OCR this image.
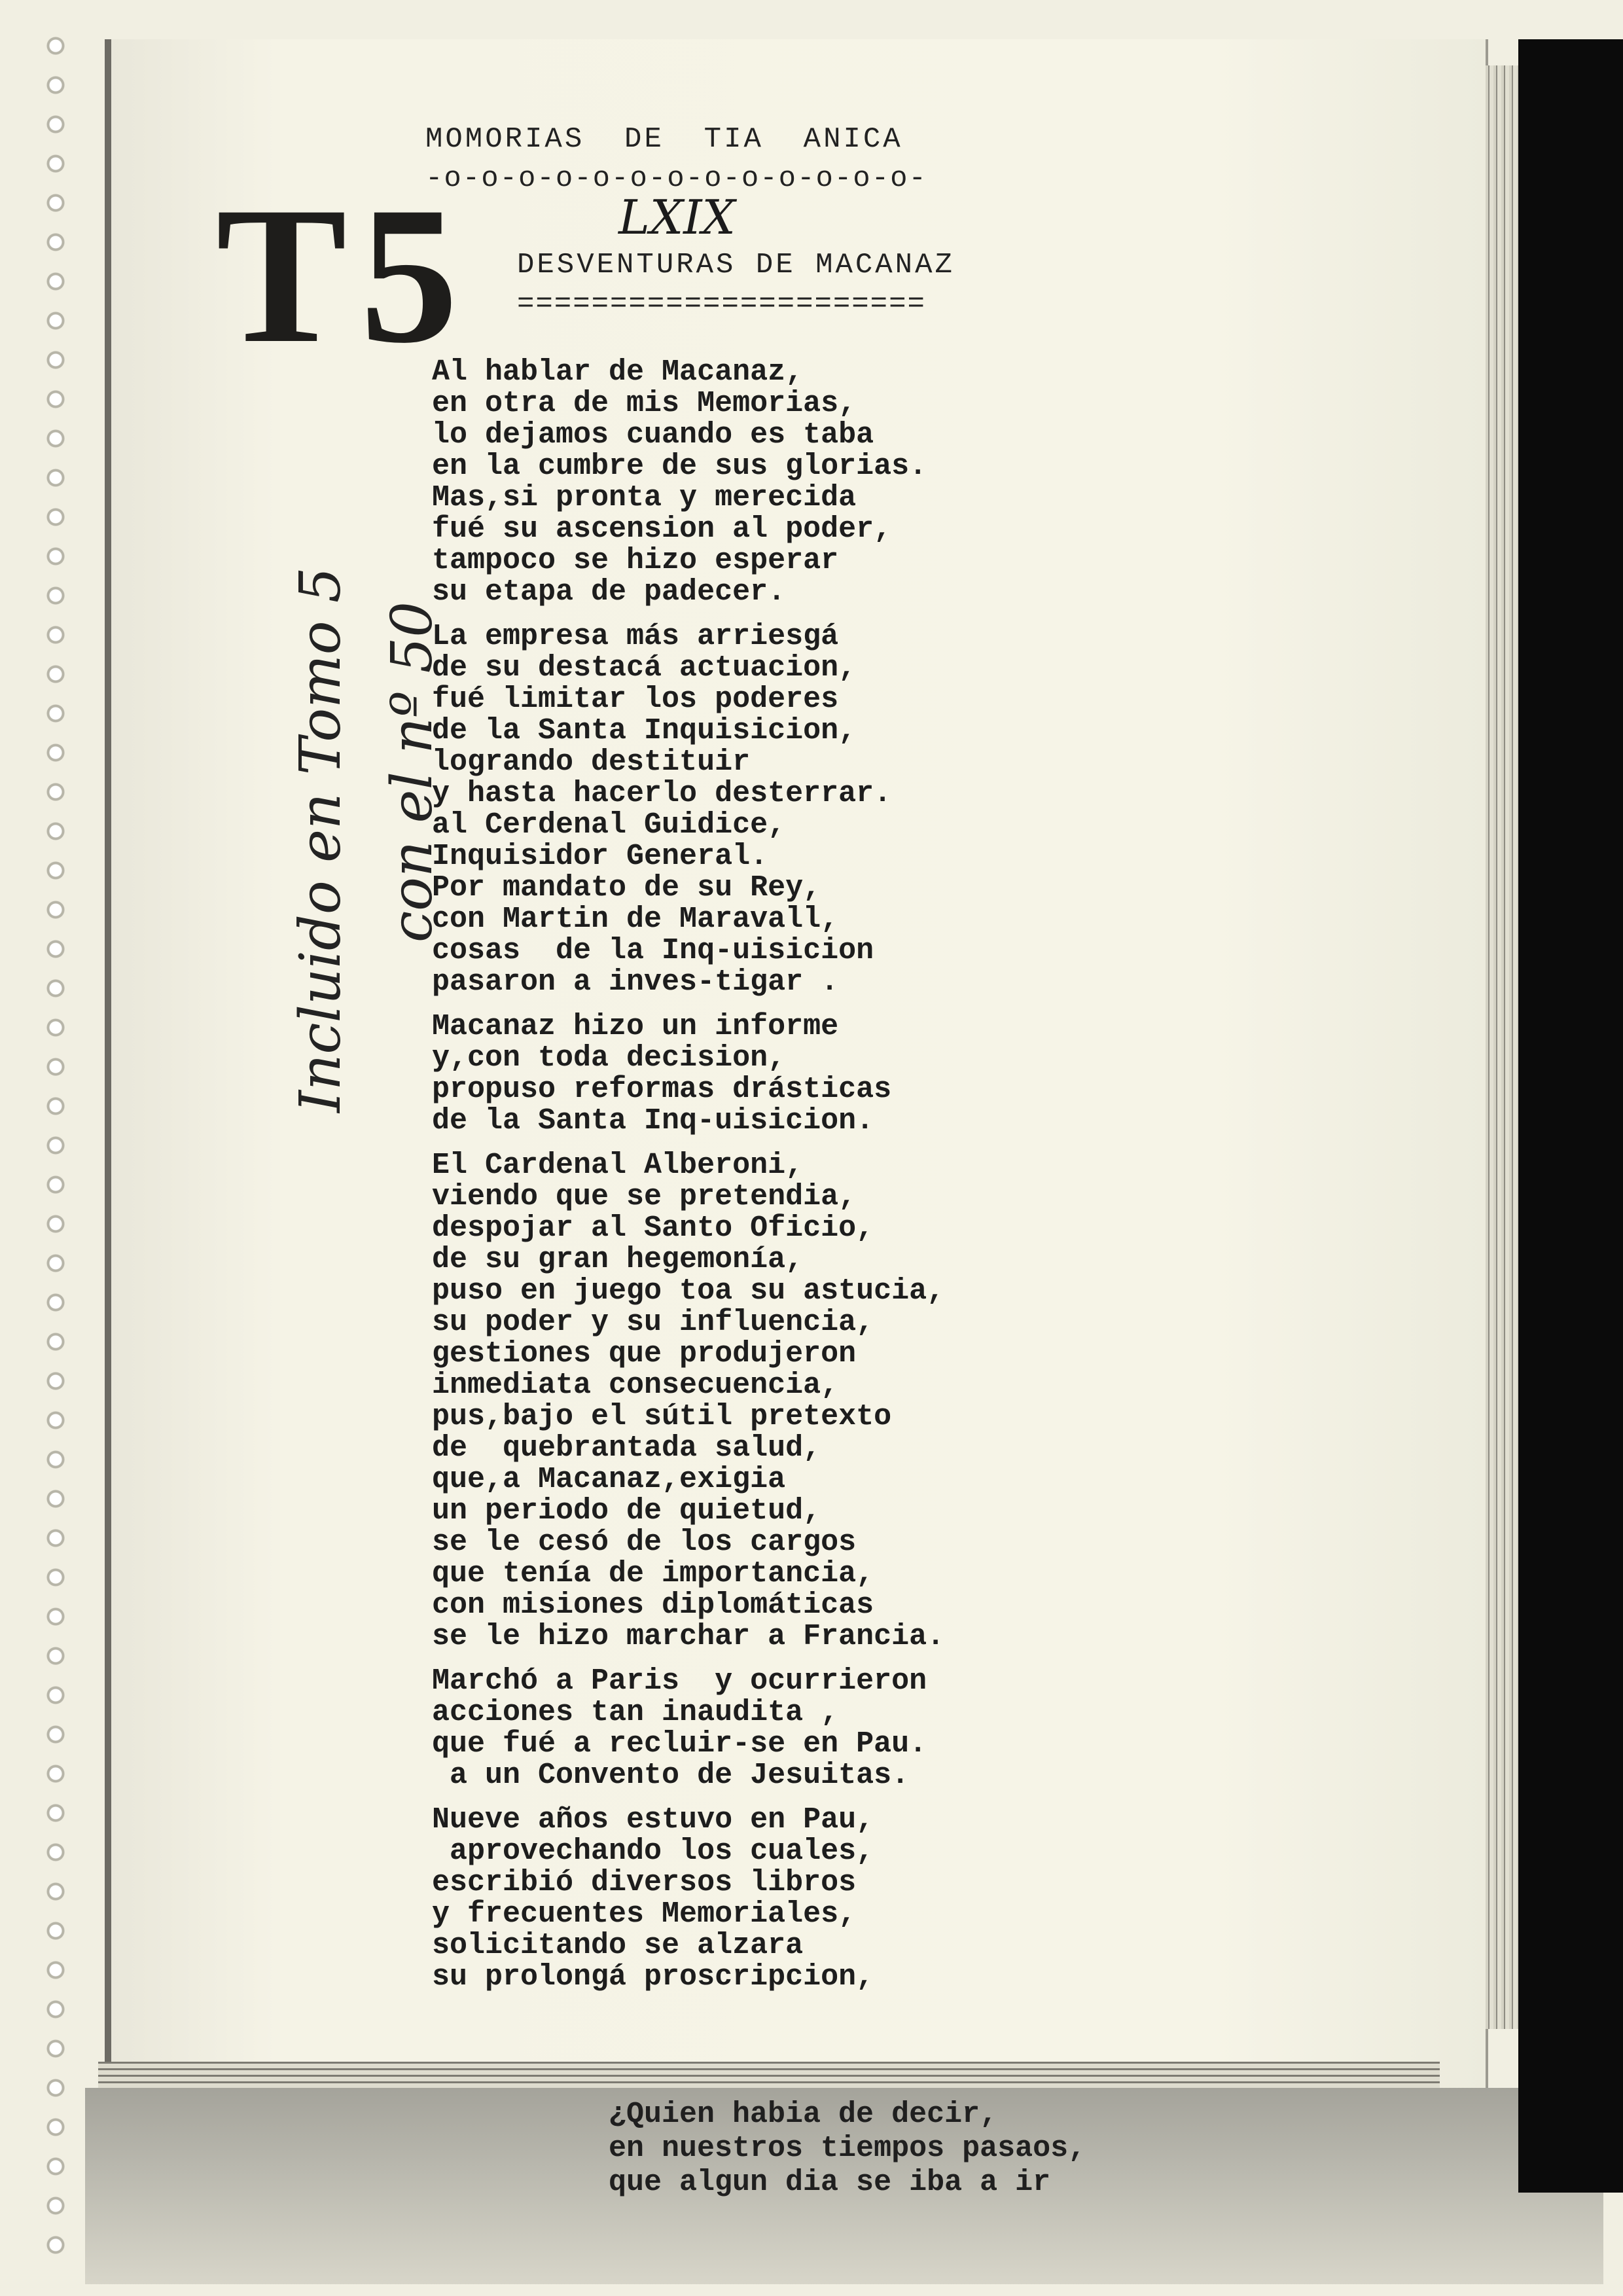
T5
MOMORIAS  DE  TIA  ANICA
-o-o-o-o-o-o-o-o-o-o-o-o-o-
LXIX
DESVENTURAS DE MACANAZ
======================
Incluido en Tomo 5 con el nº 50
Al hablar de Macanaz,
en otra de mis Memorias,
lo dejamos cuando es taba
en la cumbre de sus glorias.
Mas,si pronta y merecida
fué su ascension al poder,
tampoco se hizo esperar
su etapa de padecer.
La empresa más arriesgá
de su destacá actuacion,
fué limitar los poderes
de la Santa Inquisicion,
logrando destituir
y hasta hacerlo desterrar.
al Cerdenal Guidice,
Inquisidor General.
Por mandato de su Rey,
con Martin de Maravall,
cosas  de la Inq-uisicion
pasaron a inves-tigar .
Macanaz hizo un informe
y,con toda decision,
propuso reformas drásticas
de la Santa Inq-uisicion.
El Cardenal Alberoni,
viendo que se pretendia,
despojar al Santo Oficio,
de su gran hegemonía,
puso en juego toa su astucia,
su poder y su influencia,
gestiones que produjeron
inmediata consecuencia,
pus,bajo el sútil pretexto
de  quebrantada salud,
que,a Macanaz,exigia
un periodo de quietud,
se le cesó de los cargos
que tenía de importancia,
con misiones diplomáticas
se le hizo marchar a Francia.
Marchó a Paris  y ocurrieron
acciones tan inaudita ,
que fué a recluir-se en Pau.
a un Convento de Jesuitas.
Nueve años estuvo en Pau,
aprovechando los cuales,
escribió diversos libros
y frecuentes Memoriales,
solicitando se alzara
su prolongá proscripcion,
¿Quien habia de decir,
en nuestros tiempos pasaos,
que algun dia se iba a ir
